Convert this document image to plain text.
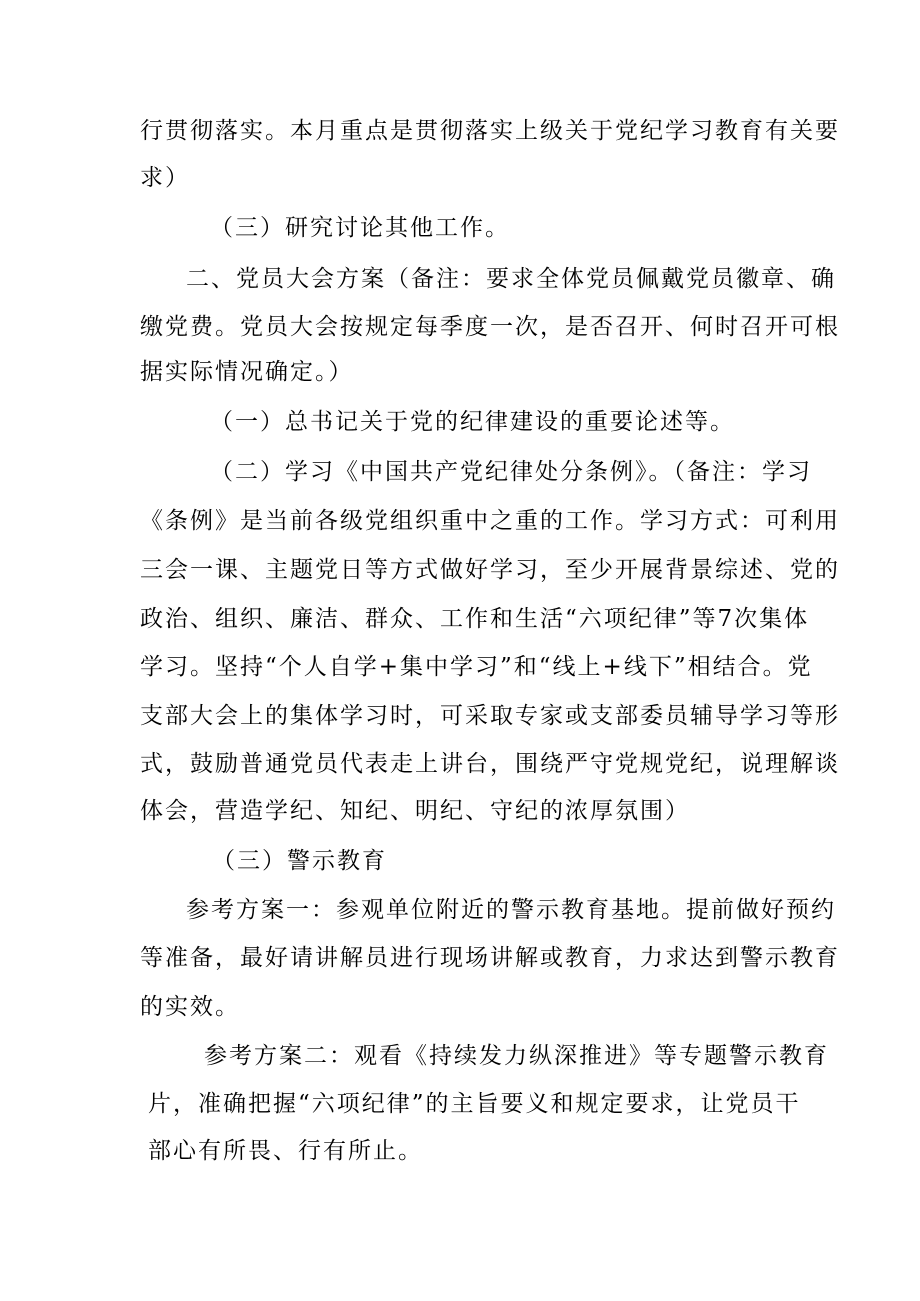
行贯彻落实。本月重点是贯彻落实上级关于党纪学习教育有关要

求）

（三）研究讨论其他工作。

二、党员大会方案（备注：要求全体党员佩戴党员徽章、确

缴党费。党员大会按规定每季度一次，是否召开、何时召开可根

据实际情况确定。）

（一）总书记关于党的纪律建设的重要论述等。

（二）学习《中国共产党纪律处分条例》。（备注：学习

《条例》是当前各级党组织重中之重的工作。学习方式：可利用

三会一课、主题党日等方式做好学习，至少开展背景综述、党的

政治、组织、廉洁、群众、工作和生活“六项纪律”等7次集体

学习。坚持“个人自学+集中学习”和“线上+线下”相结合。党

支部大会上的集体学习时，可采取专家或支部委员辅导学习等形

式，鼓励普通党员代表走上讲台，围绕严守党规党纪，说理解谈

体会，营造学纪、知纪、明纪、守纪的浓厚氛围）

（三）警示教育

参考方案一：参观单位附近的警示教育基地。提前做好预约

等准备，最好请讲解员进行现场讲解或教育，力求达到警示教育

的实效。

参考方案二：观看《持续发力纵深推进》等专题警示教育

片，准确把握“六项纪律”的主旨要义和规定要求，让党员干

部心有所畏、行有所止。
